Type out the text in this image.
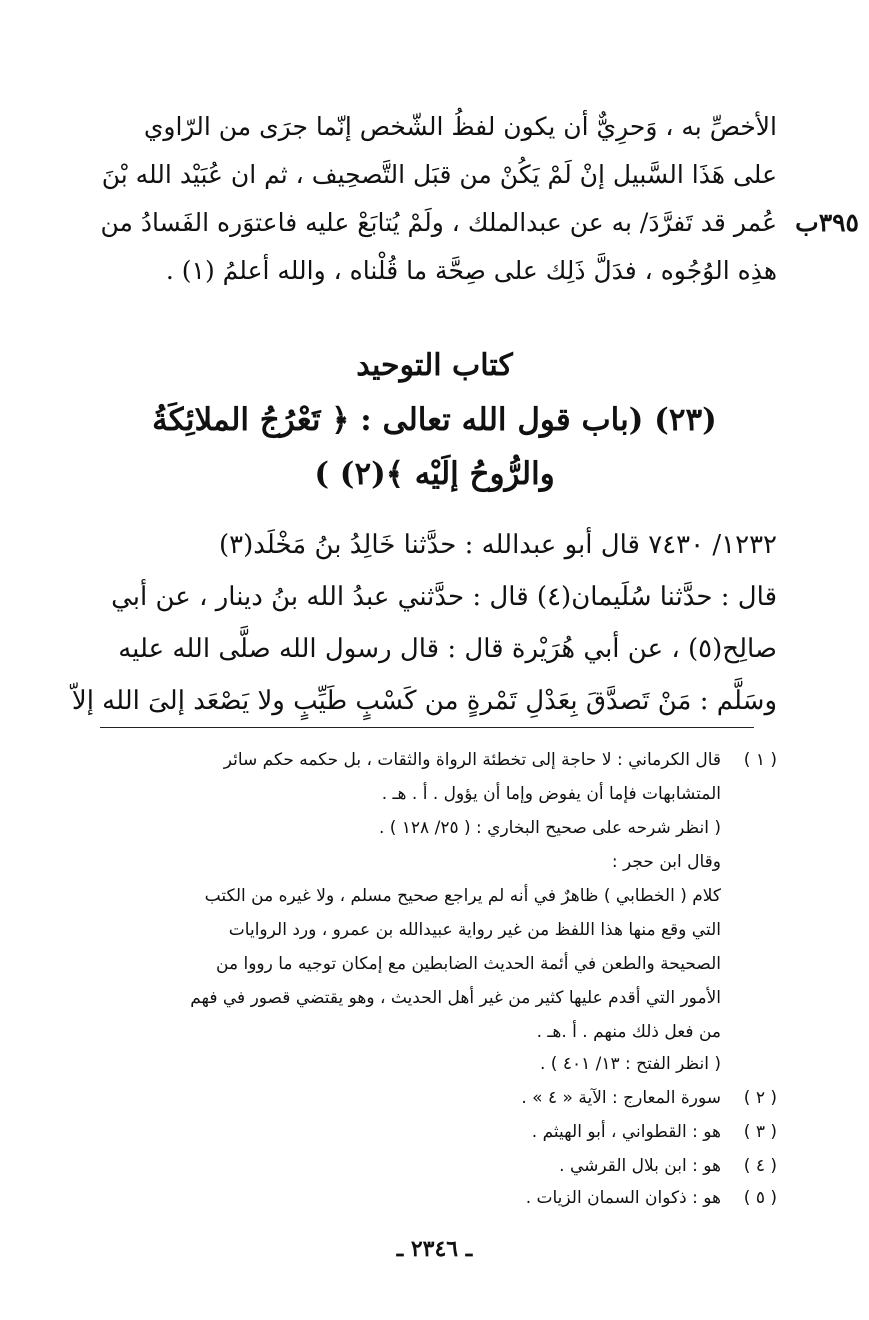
الأخصِّ به ، وَحرِيٌّ أن يكون لفظُ الشّخص إنّما جرَى من الرّاوي
على هَذَا السَّبيل إنْ لَمْ يَكُنْ من قبَل التَّصحِيف ، ثم ان عُبَيْد الله بْنَ
عُمر قد تَفرَّدَ/ به عن عبدالملك ، ولَمْ يُتابَعْ عليه فاعتوَره الفَسادُ من
هذِه الوُجُوه ، فدَلَّ ذَلِك على صِحَّة ما قُلْناه ، والله أعلمُ (١) .
٣٩٥ب
كتاب التوحيد
(٢٣) (باب قول الله تعالى : ﴿ تَعْرُجُ الملائِكَةُ
والرُّوحُ إلَيْه ﴾(٢) )
١٢٣٢/ ٧٤٣٠ قال أبو عبدالله : حدَّثنا خَالِدُ بنُ مَخْلَد(٣)
قال : حدَّثنا سُلَيمان(٤) قال : حدَّثني عبدُ الله بنُ دينار ، عن أبي
صالِح(٥) ، عن أبي هُرَيْرة قال : قال رسول الله صلَّى الله عليه
وسَلَّم : مَنْ تَصدَّقَ بِعَدْلِ تَمْرةٍ من كَسْبٍ طَيِّبٍ ولا يَصْعَد إلىَ الله إلاّ
( ١ )
قال الكرماني : لا حاجة إلى تخطئة الرواة والثقات ، بل حكمه حكم سائر
المتشابهات فإما أن يفوض وإما أن يؤول . أ . هـ .
( انظر شرحه على صحيح البخاري : ( ٢٥/ ١٢٨ ) .
وقال ابن حجر :
كلام ( الخطابي ) ظاهرٌ في أنه لم يراجع صحيح مسلم ، ولا غيره من الكتب
التي وقع منها هذا اللفظ من غير رواية عبيدالله بن عمرو ، ورد الروايات
الصحيحة والطعن في أئمة الحديث الضابطين مع إمكان توجيه ما رووا من
الأمور التي أقدم عليها كثير من غير أهل الحديث ، وهو يقتضي قصور في فهم
من فعل ذلك منهم . أ .هـ .
( انظر الفتح : ١٣/ ٤٠١ ) .
( ٢ )
سورة المعارج : الآية « ٤ » .
( ٣ )
هو : القطواني ، أبو الهيثم .
( ٤ )
هو : ابن بلال القرشي .
( ٥ )
هو : ذكوان السمان الزيات .
ـ ٢٣٤٦ ـ
